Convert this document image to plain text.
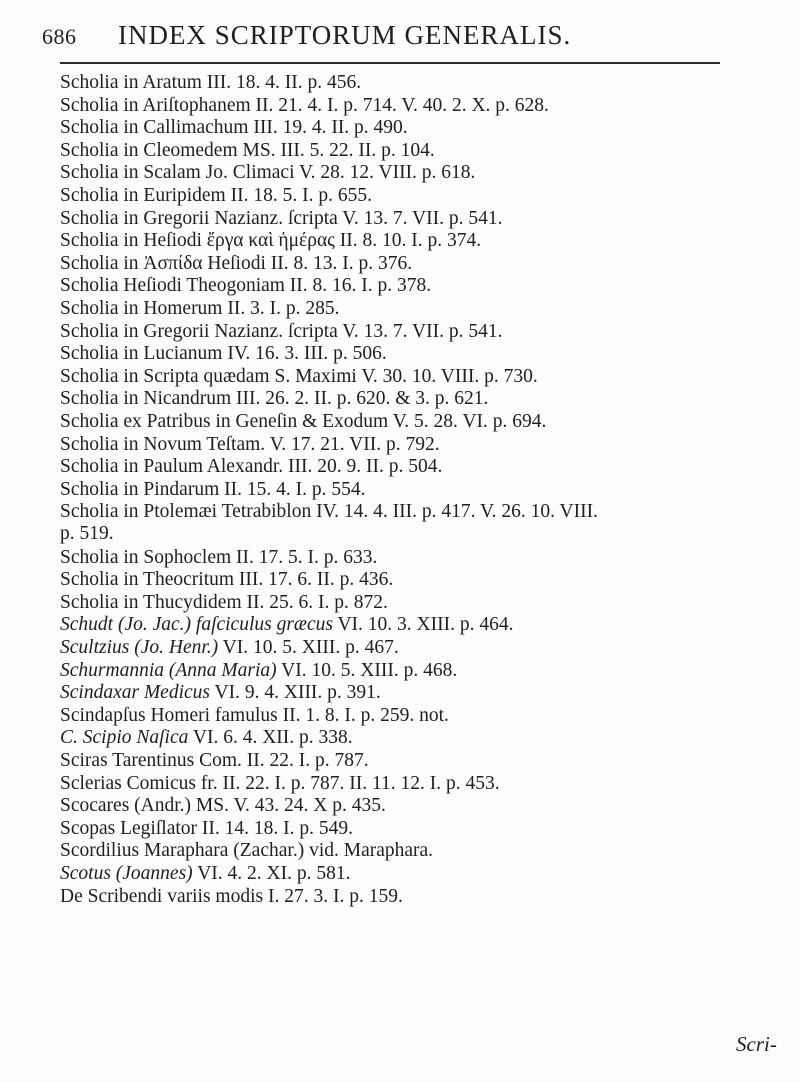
686 INDEX SCRIPTORUM GENERALIS.
Scholia in Aratum III. 18. 4. II. p. 456.
Scholia in Ariſtophanem II. 21. 4. I. p. 714. V. 40. 2. X. p. 628.
Scholia in Callimachum III. 19. 4. II. p. 490.
Scholia in Cleomedem MS. III. 5. 22. II. p. 104.
Scholia in Scalam Jo. Climaci V. 28. 12. VIII. p. 618.
Scholia in Euripidem II. 18. 5. I. p. 655.
Scholia in Gregorii Nazianz. ſcripta V. 13. 7. VII. p. 541.
Scholia in Heſiodi ἔργα καὶ ἡμέρας II. 8. 10. I. p. 374.
Scholia in Ἀσπίδα Heſiodi II. 8. 13. I. p. 376.
Scholia Heſiodi Theogoniam II. 8. 16. I. p. 378.
Scholia in Homerum II. 3. I. p. 285.
Scholia in Gregorii Nazianz. ſcripta V. 13. 7. VII. p. 541.
Scholia in Lucianum IV. 16. 3. III. p. 506.
Scholia in Scripta quædam S. Maximi V. 30. 10. VIII. p. 730.
Scholia in Nicandrum III. 26. 2. II. p. 620. & 3. p. 621.
Scholia ex Patribus in Geneſin & Exodum V. 5. 28. VI. p. 694.
Scholia in Novum Teſtam. V. 17. 21. VII. p. 792.
Scholia in Paulum Alexandr. III. 20. 9. II. p. 504.
Scholia in Pindarum II. 15. 4. I. p. 554.
Scholia in Ptolemæi Tetrabiblon IV. 14. 4. III. p. 417. V. 26. 10. VIII.
p. 519.
Scholia in Sophoclem II. 17. 5. I. p. 633.
Scholia in Theocritum III. 17. 6. II. p. 436.
Scholia in Thucydidem II. 25. 6. I. p. 872.
Schudt (Jo. Jac.) faſciculus græcus VI. 10. 3. XIII. p. 464.
Scultzius (Jo. Henr.) VI. 10. 5. XIII. p. 467.
Schurmannia (Anna Maria) VI. 10. 5. XIII. p. 468.
Scindaxar Medicus VI. 9. 4. XIII. p. 391.
Scindapſus Homeri famulus II. 1. 8. I. p. 259. not.
C. Scipio Naſica VI. 6. 4. XII. p. 338.
Sciras Tarentinus Com. II. 22. I. p. 787.
Sclerias Comicus fr. II. 22. I. p. 787. II. 11. 12. I. p. 453.
Scocares (Andr.) MS. V. 43. 24. X p. 435.
Scopas Legiſlator II. 14. 18. I. p. 549.
Scordilius Maraphara (Zachar.) vid. Maraphara.
Scotus (Joannes) VI. 4. 2. XI. p. 581.
De Scribendi variis modis I. 27. 3. I. p. 159.
Scri-
